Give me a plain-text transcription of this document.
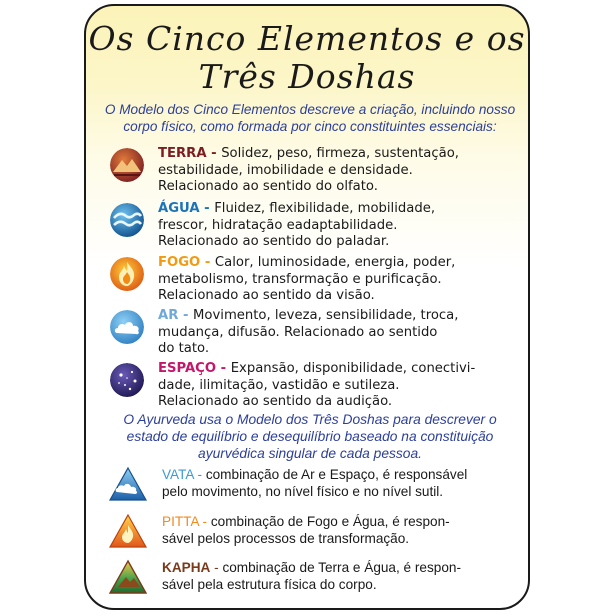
Os Cinco Elementos e os
Três Doshas
O Modelo dos Cinco Elementos descreve a criação, incluindo nosso
corpo físico, como formada por cinco constituintes essenciais:
TERRA - Solidez, peso, firmeza, sustentação,
estabilidade, imobilidade e densidade.
Relacionado ao sentido do olfato.
ÁGUA - Fluidez, flexibilidade, mobilidade,
frescor, hidratação eadaptabilidade.
Relacionado ao sentido do paladar.
FOGO - Calor, luminosidade, energia, poder,
metabolismo, transformação e purificação.
Relacionado ao sentido da visão.
AR - Movimento, leveza, sensibilidade, troca,
mudança, difusão. Relacionado ao sentido
do tato.
ESPAÇO - Expansão, disponibilidade, conectivi-
dade, ilimitação, vastidão e sutileza.
Relacionado ao sentido da audição.
O Ayurveda usa o Modelo dos Três Doshas para descrever o
estado de equilíbrio e desequilíbrio baseado na constituição
ayurvédica singular de cada pessoa.
VATA - combinação de Ar e Espaço, é responsável
pelo movimento, no nível físico e no nível sutil.
PITTA - combinação de Fogo e Água, é respon-
sável pelos processos de transformação.
KAPHA - combinação de Terra e Água, é respon-
sável pela estrutura física do corpo.
